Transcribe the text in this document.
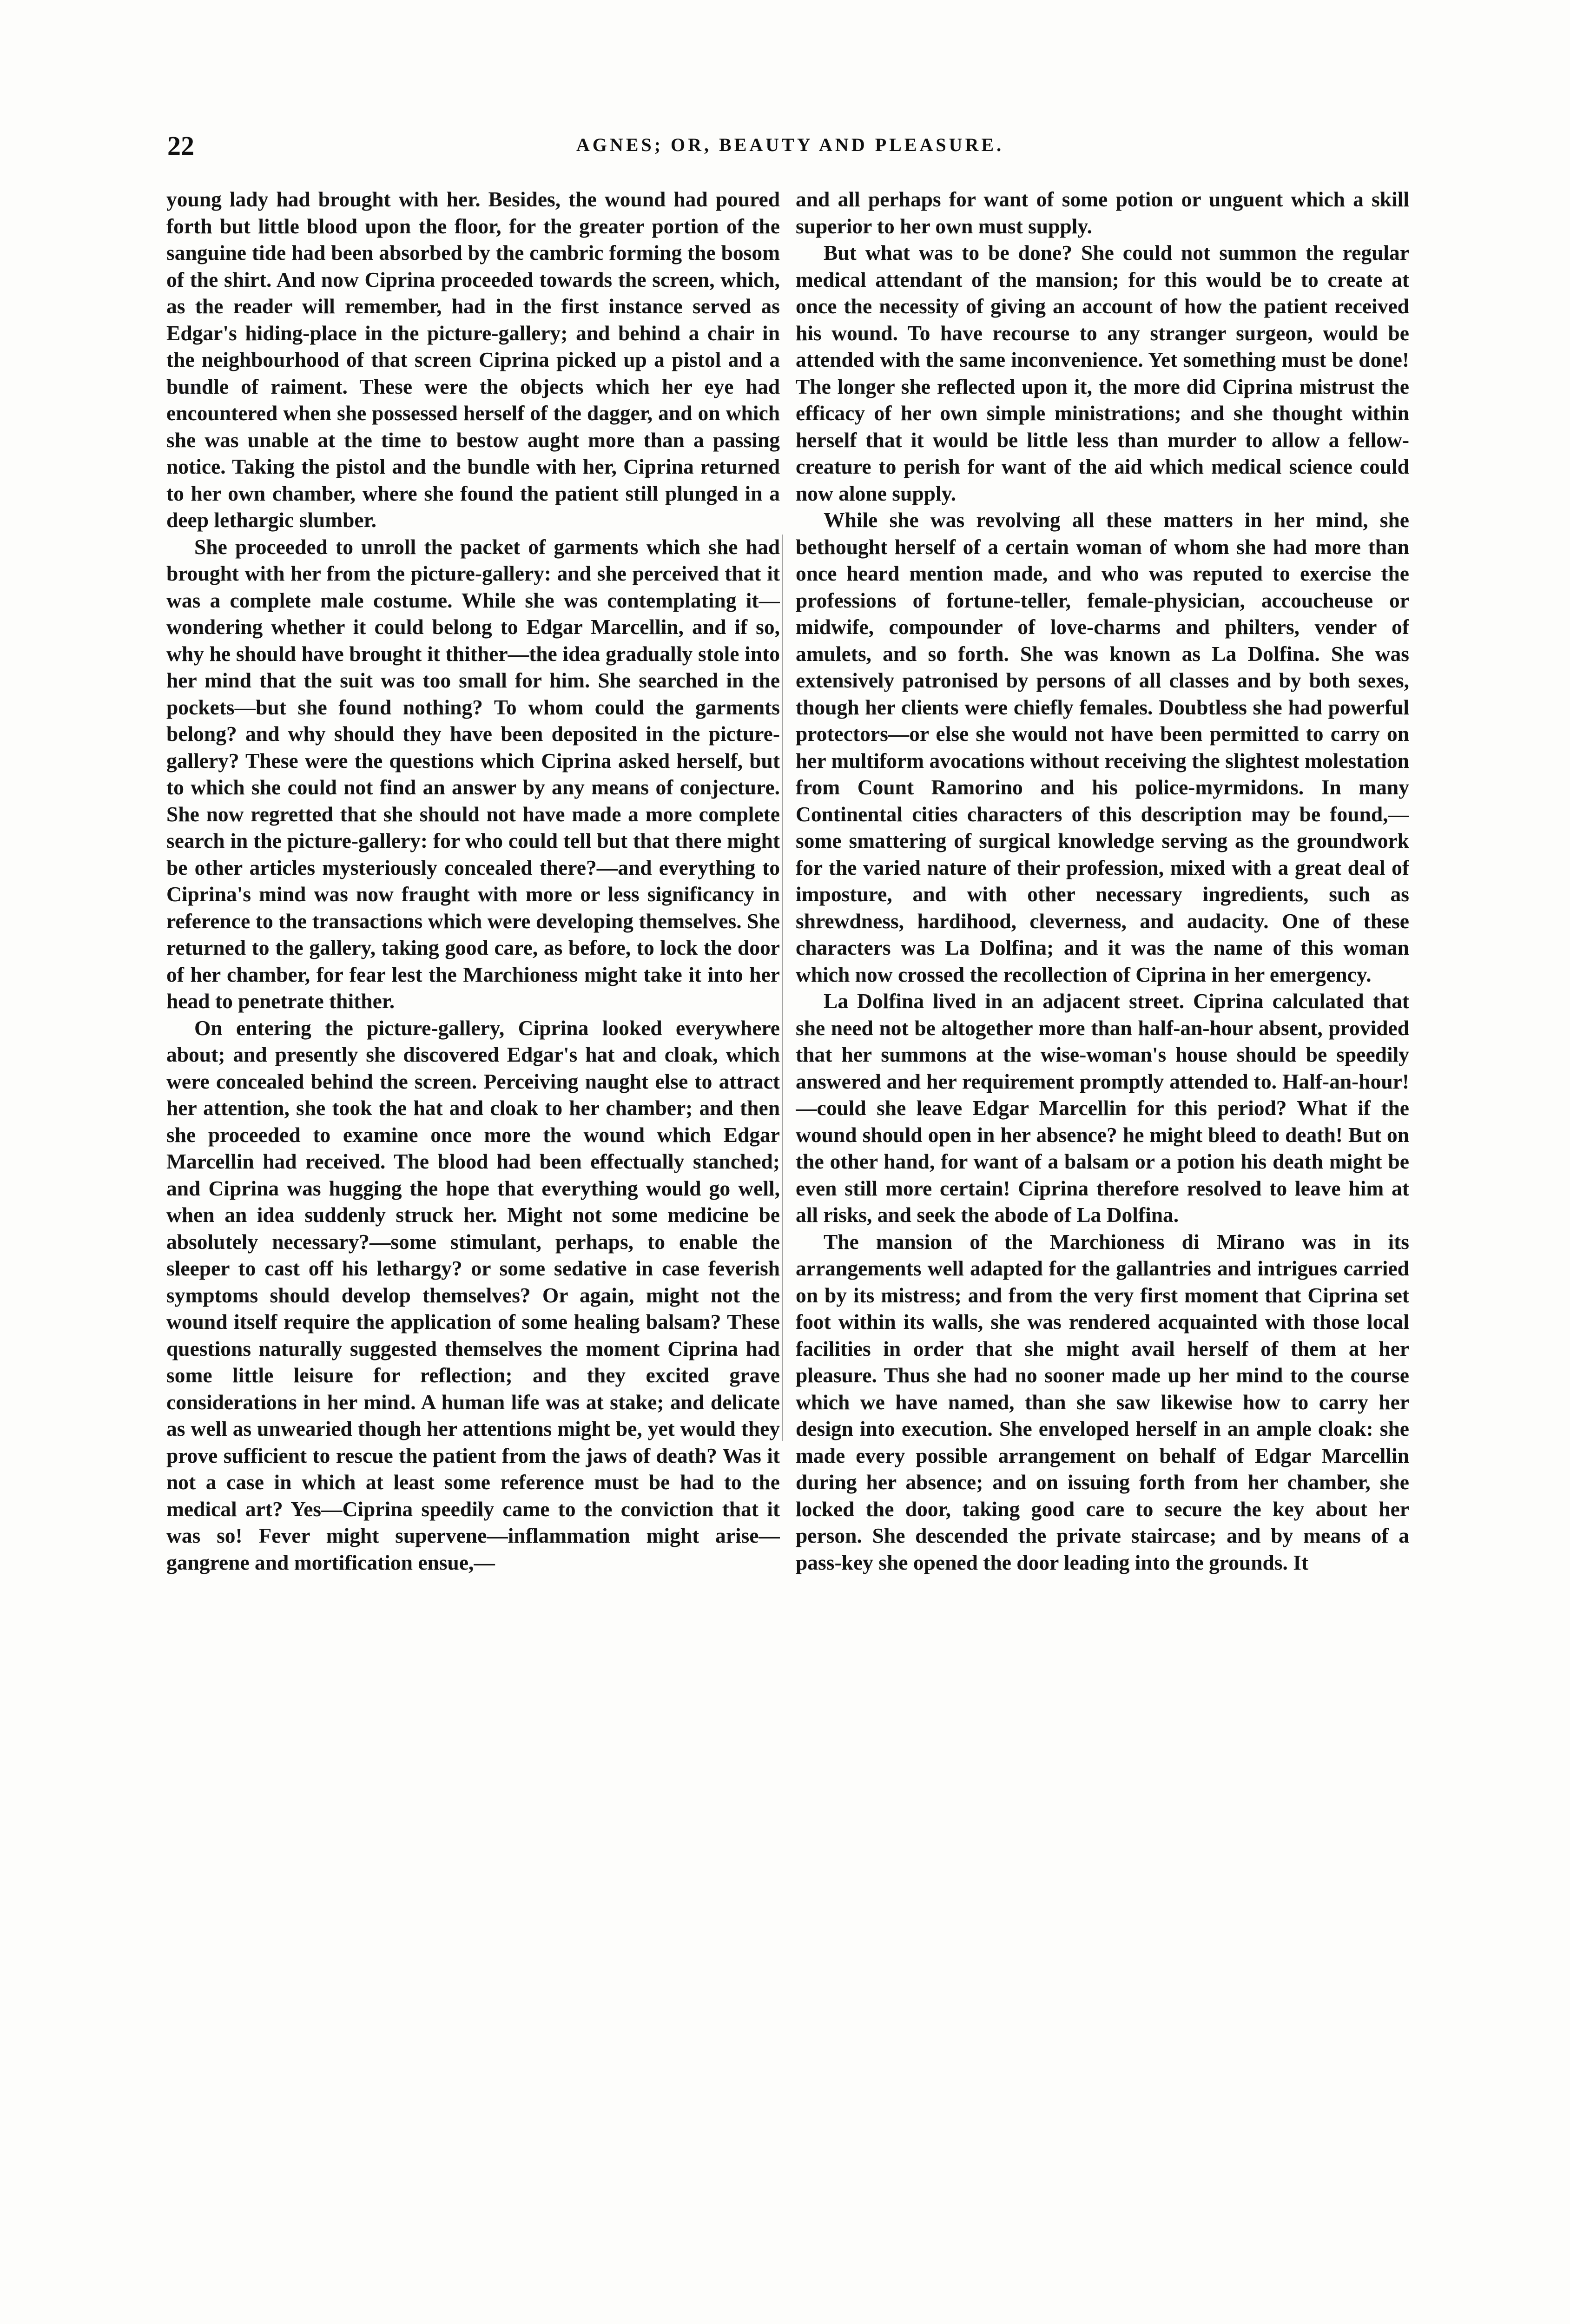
22	AGNES; OR, BEAUTY AND PLEASURE.

young lady had brought with her. Besides, the wound had poured forth but little blood upon the floor, for the greater portion of the sanguine tide had been absorbed by the cambric forming the bosom of the shirt. And now Ciprina proceeded towards the screen, which, as the reader will remember, had in the first instance served as Edgar's hiding-place in the picture-gallery; and behind a chair in the neighbourhood of that screen Ciprina picked up a pistol and a bundle of raiment. These were the objects which her eye had encountered when she possessed herself of the dagger, and on which she was unable at the time to bestow aught more than a passing notice. Taking the pistol and the bundle with her, Ciprina returned to her own chamber, where she found the patient still plunged in a deep lethargic slumber.

She proceeded to unroll the packet of garments which she had brought with her from the picture-gallery: and she perceived that it was a complete male costume. While she was contemplating it—wondering whether it could belong to Edgar Marcellin, and if so, why he should have brought it thither—the idea gradually stole into her mind that the suit was too small for him. She searched in the pockets—but she found nothing? To whom could the garments belong? and why should they have been deposited in the picture-gallery? These were the questions which Ciprina asked herself, but to which she could not find an answer by any means of conjecture. She now regretted that she should not have made a more complete search in the picture-gallery: for who could tell but that there might be other articles mysteriously concealed there?—and everything to Ciprina's mind was now fraught with more or less significancy in reference to the transactions which were developing themselves. She returned to the gallery, taking good care, as before, to lock the door of her chamber, for fear lest the Marchioness might take it into her head to penetrate thither.

On entering the picture-gallery, Ciprina looked everywhere about; and presently she discovered Edgar's hat and cloak, which were concealed behind the screen. Perceiving naught else to attract her attention, she took the hat and cloak to her chamber; and then she proceeded to examine once more the wound which Edgar Marcellin had received. The blood had been effectually stanched; and Ciprina was hugging the hope that everything would go well, when an idea suddenly struck her. Might not some medicine be absolutely necessary?—some stimulant, perhaps, to enable the sleeper to cast off his lethargy? or some sedative in case feverish symptoms should develop themselves? Or again, might not the wound itself require the application of some healing balsam? These questions naturally suggested themselves the moment Ciprina had some little leisure for reflection; and they excited grave considerations in her mind. A human life was at stake; and delicate as well as unwearied though her attentions might be, yet would they prove sufficient to rescue the patient from the jaws of death? Was it not a case in which at least some reference must be had to the medical art? Yes—Ciprina speedily came to the conviction that it was so! Fever might supervene—inflammation might arise—gangrene and mortification ensue,—

and all perhaps for want of some potion or unguent which a skill superior to her own must supply.

But what was to be done? She could not summon the regular medical attendant of the mansion; for this would be to create at once the necessity of giving an account of how the patient received his wound. To have recourse to any stranger surgeon, would be attended with the same inconvenience. Yet something must be done! The longer she reflected upon it, the more did Ciprina mistrust the efficacy of her own simple ministrations; and she thought within herself that it would be little less than murder to allow a fellow-creature to perish for want of the aid which medical science could now alone supply.

While she was revolving all these matters in her mind, she bethought herself of a certain woman of whom she had more than once heard mention made, and who was reputed to exercise the professions of fortune-teller, female-physician, accoucheuse or midwife, compounder of love-charms and philters, vender of amulets, and so forth. She was known as La Dolfina. She was extensively patronised by persons of all classes and by both sexes, though her clients were chiefly females. Doubtless she had powerful protectors—or else she would not have been permitted to carry on her multiform avocations without receiving the slightest molestation from Count Ramorino and his police-myrmidons. In many Continental cities characters of this description may be found,—some smattering of surgical knowledge serving as the groundwork for the varied nature of their profession, mixed with a great deal of imposture, and with other necessary ingredients, such as shrewdness, hardihood, cleverness, and audacity. One of these characters was La Dolfina; and it was the name of this woman which now crossed the recollection of Ciprina in her emergency.

La Dolfina lived in an adjacent street. Ciprina calculated that she need not be altogether more than half-an-hour absent, provided that her summons at the wise-woman's house should be speedily answered and her requirement promptly attended to. Half-an-hour!—could she leave Edgar Marcellin for this period? What if the wound should open in her absence? he might bleed to death! But on the other hand, for want of a balsam or a potion his death might be even still more certain! Ciprina therefore resolved to leave him at all risks, and seek the abode of La Dolfina.

The mansion of the Marchioness di Mirano was in its arrangements well adapted for the gallantries and intrigues carried on by its mistress; and from the very first moment that Ciprina set foot within its walls, she was rendered acquainted with those local facilities in order that she might avail herself of them at her pleasure. Thus she had no sooner made up her mind to the course which we have named, than she saw likewise how to carry her design into execution. She enveloped herself in an ample cloak: she made every possible arrangement on behalf of Edgar Marcellin during her absence; and on issuing forth from her chamber, she locked the door, taking good care to secure the key about her person. She descended the private staircase; and by means of a pass-key she opened the door leading into the grounds. It
